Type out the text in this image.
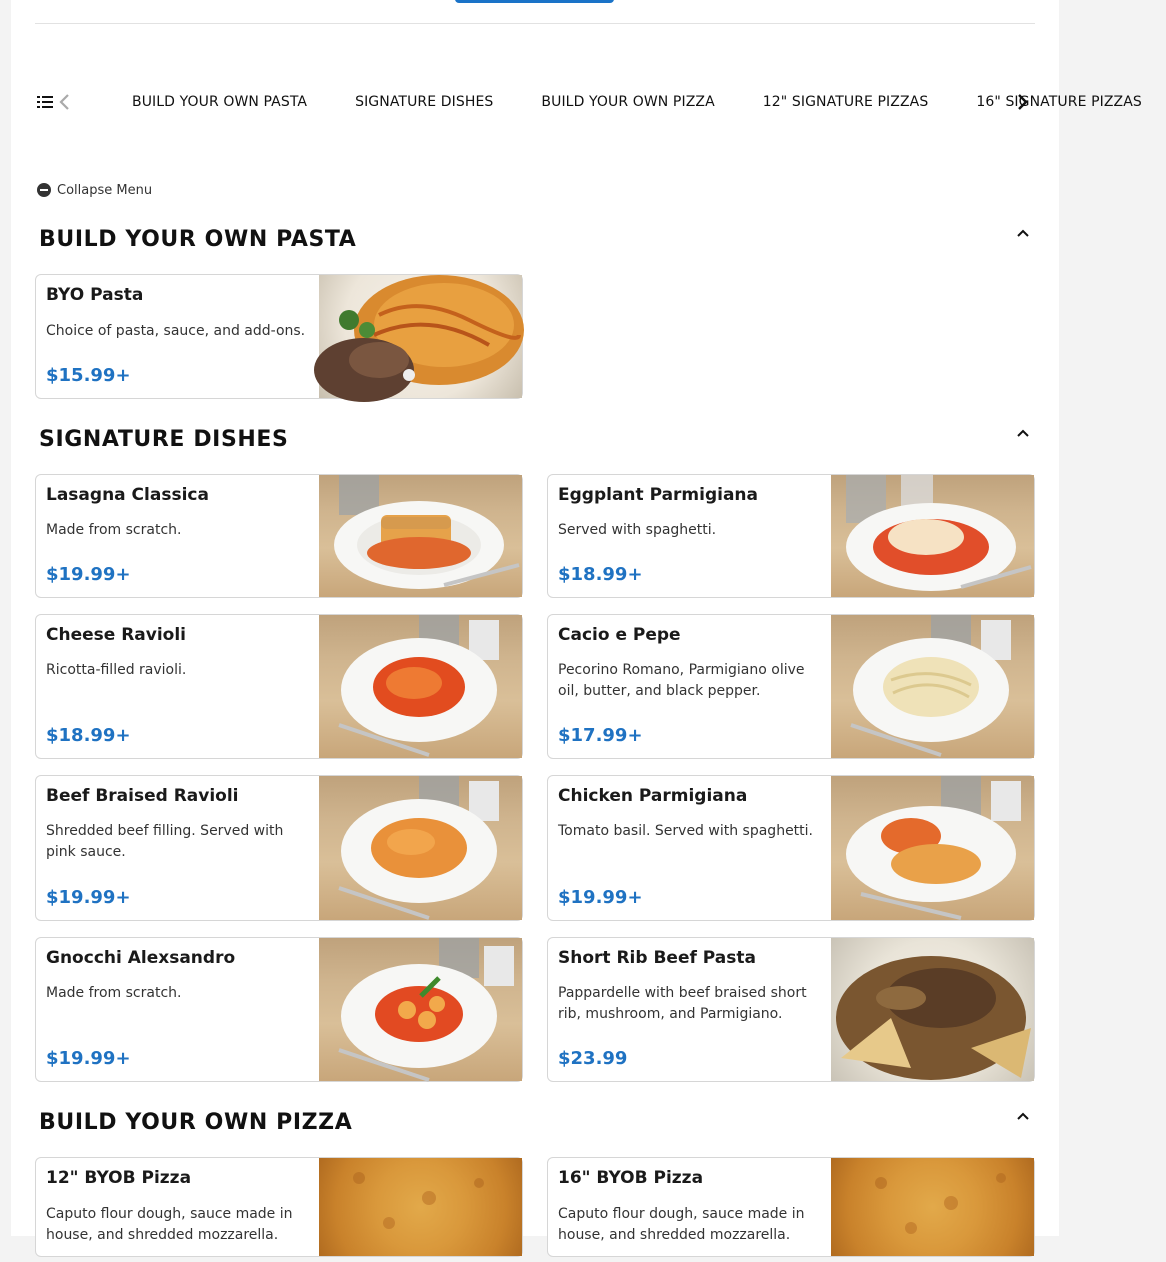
BUILD YOUR OWN PASTA	SIGNATURE DISHES	BUILD YOUR OWN PIZZA	12" SIGNATURE PIZZAS	16" SIGNATURE PIZZAS
Collapse Menu
BUILD YOUR OWN PASTA
BYO Pasta
Choice of pasta, sauce, and add-ons.
$15.99+
SIGNATURE DISHES
Lasagna Classica
Made from scratch.
$19.99+
Eggplant Parmigiana
Served with spaghetti.
$18.99+
Cheese Ravioli
Ricotta-filled ravioli.
$18.99+
Cacio e Pepe
Pecorino Romano, Parmigiano olive oil, butter, and black pepper.
$17.99+
Beef Braised Ravioli
Shredded beef filling. Served with pink sauce.
$19.99+
Chicken Parmigiana
Tomato basil. Served with spaghetti.
$19.99+
Gnocchi Alexsandro
Made from scratch.
$19.99+
Short Rib Beef Pasta
Pappardelle with beef braised short rib, mushroom, and Parmigiano.
$23.99
BUILD YOUR OWN PIZZA
12" BYOB Pizza
Caputo flour dough, sauce made in house, and shredded mozzarella.
16" BYOB Pizza
Caputo flour dough, sauce made in house, and shredded mozzarella.
